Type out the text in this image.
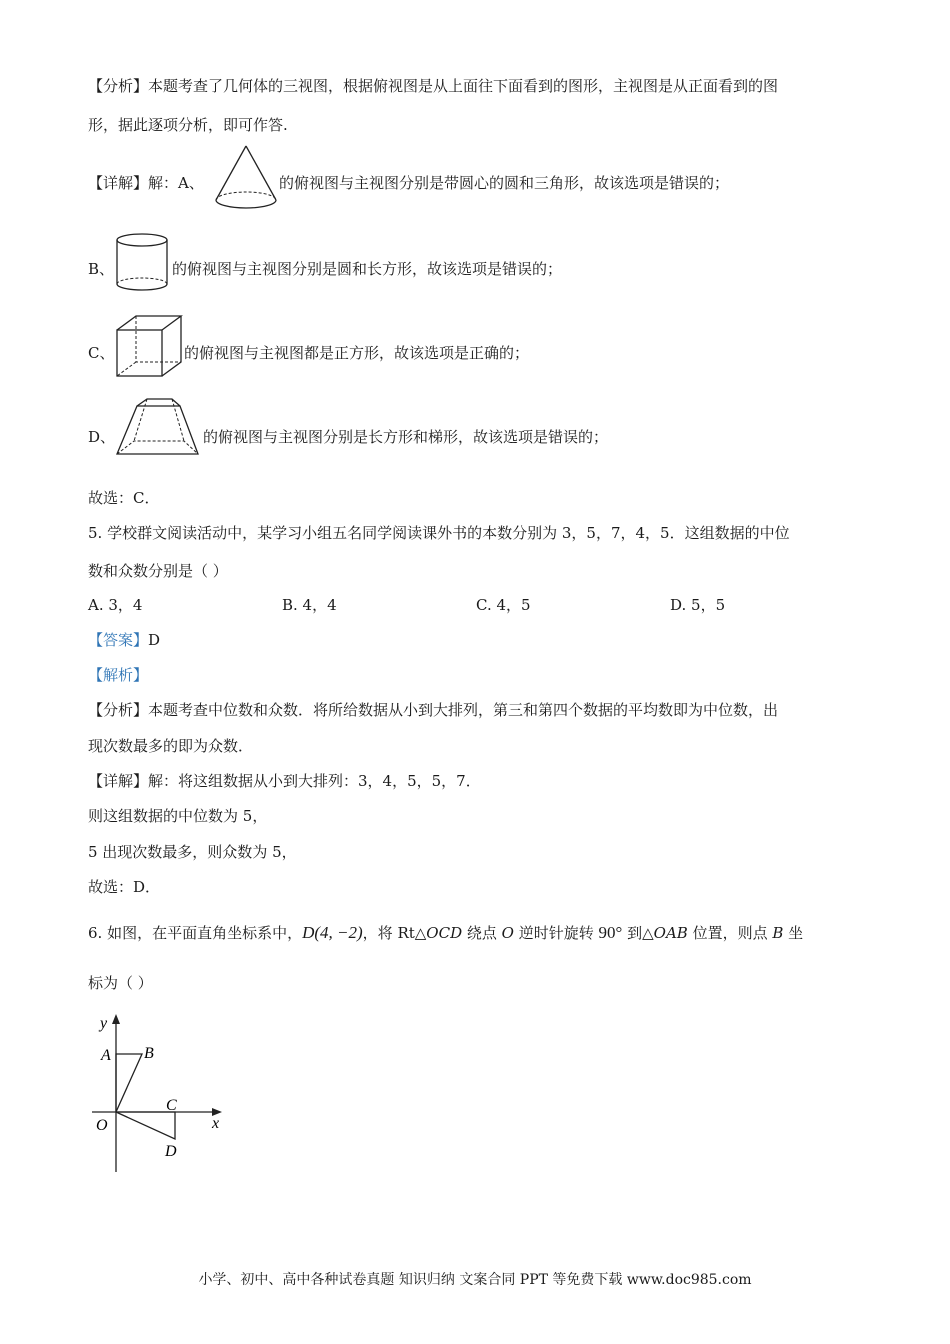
【分析】本题考查了几何体的三视图，根据俯视图是从上面往下面看到的图形，主视图是从正面看到的图
形，据此逐项分析，即可作答.
【详解】解：A、	的俯视图与主视图分别是带圆心的圆和三角形，故该选项是错误的；
B、	的俯视图与主视图分别是圆和长方形，故该选项是错误的；
C、	的俯视图与主视图都是正方形，故该选项是正确的；
D、	的俯视图与主视图分别是长方形和梯形，故该选项是错误的；
故选：C．
5. 学校群文阅读活动中，某学习小组五名同学阅读课外书的本数分别为 3，5，7，4，5．这组数据的中位
数和众数分别是（ ）
A. 3，4	B. 4，4	C. 4，5	D. 5，5
【答案】D
【解析】
【分析】本题考查中位数和众数．将所给数据从小到大排列，第三和第四个数据的平均数即为中位数，出
现次数最多的即为众数．
【详解】解：将这组数据从小到大排列：3，4，5，5，7．
则这组数据的中位数为 5，
5 出现次数最多，则众数为 5，
故选：D．
6. 如图，在平面直角坐标系中，D(4, −2)，将 Rt△OCD 绕点 O 逆时针旋转 90° 到△OAB 位置，则点 B 坐
标为（ ）
y
x
A B
C
D
O
小学、初中、高中各种试卷真题 知识归纳 文案合同 PPT 等免费下载 www.doc985.com
